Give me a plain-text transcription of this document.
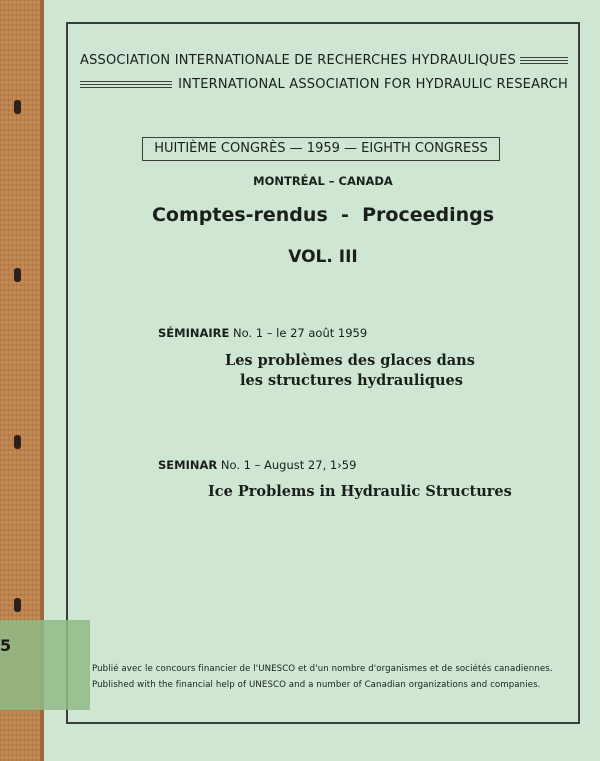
5
ASSOCIATION INTERNATIONALE DE RECHERCHES HYDRAULIQUES
INTERNATIONAL ASSOCIATION FOR HYDRAULIC RESEARCH
HUITIÈME CONGRÈS — 1959 — EIGHTH CONGRESS
MONTRÉAL – CANADA
Comptes-rendus  -  Proceedings
VOL. III
SÉMINAIRE No. 1 – le 27 août 1959
Les problèmes des glaces dans
les structures hydrauliques
SEMINAR No. 1 – August 27, 1›59
Ice Problems in Hydraulic Structures
Publié avec le concours financier de l'UNESCO et d'un nombre d'organismes et de sociétés canadiennes.
Published with the financial help of UNESCO and a number of Canadian organizations and companies.
